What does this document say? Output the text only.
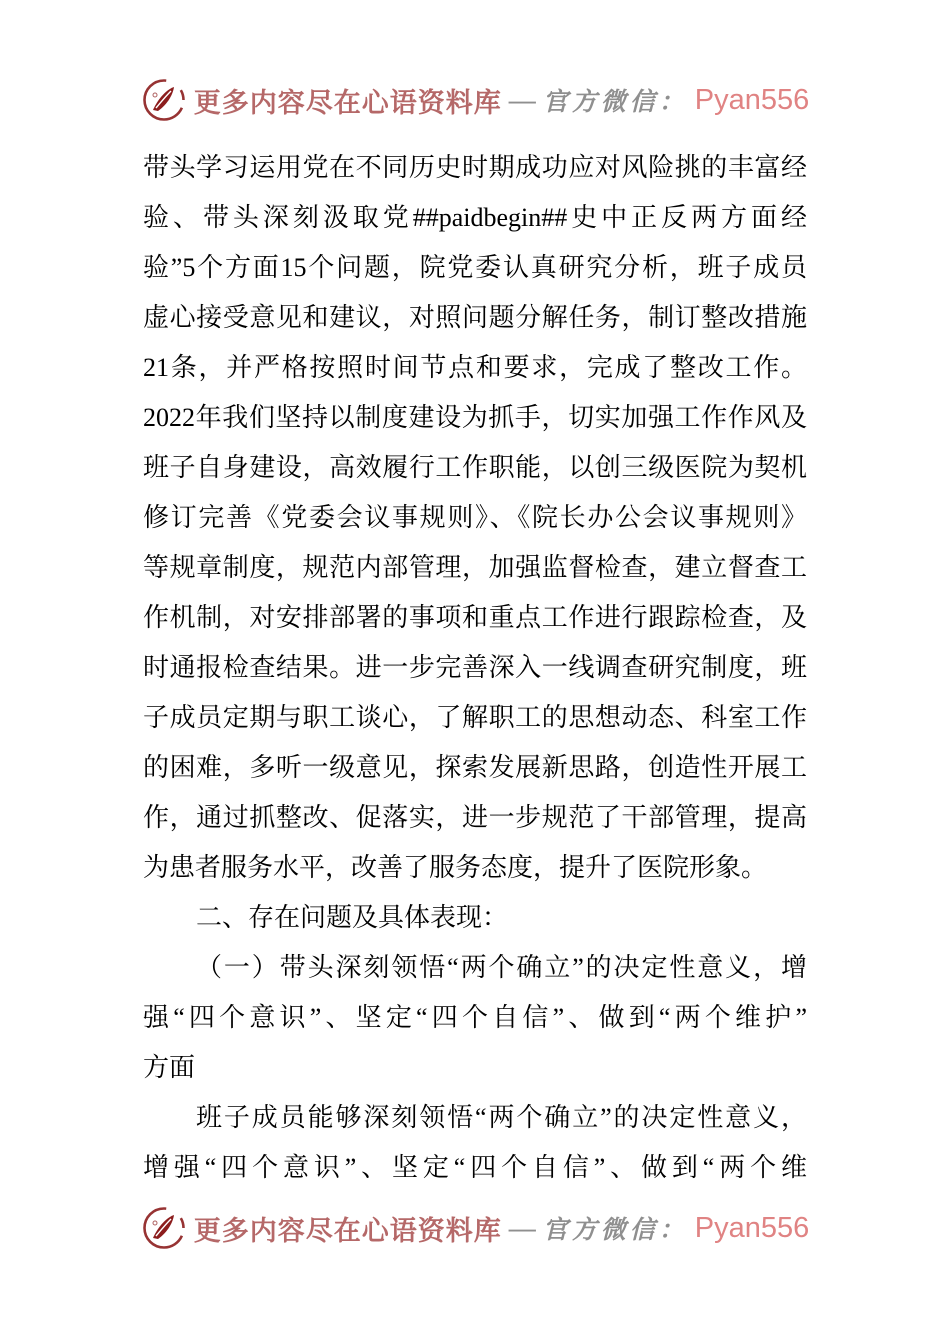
更多内容尽在心语资料库 — 官方微信： Pyan556
带头学习运用党在不同历史时期成功应对风险挑的丰富经
验、带头深刻汲取党##paidbegin##史中正反两方面经
验”5个方面15个问题，院党委认真研究分析，班子成员
虚心接受意见和建议，对照问题分解任务，制订整改措施
21条，并严格按照时间节点和要求，完成了整改工作。
2022年我们坚持以制度建设为抓手，切实加强工作作风及
班子自身建设，高效履行工作职能，以创三级医院为契机
修订完善《党委会议事规则》、《院长办公会议事规则》
等规章制度，规范内部管理，加强监督检查，建立督查工
作机制，对安排部署的事项和重点工作进行跟踪检查，及
时通报检查结果。进一步完善深入一线调查研究制度，班
子成员定期与职工谈心，了解职工的思想动态、科室工作
的困难，多听一级意见，探索发展新思路，创造性开展工
作，通过抓整改、促落实，进一步规范了干部管理，提高
为患者服务水平，改善了服务态度，提升了医院形象。
二、存在问题及具体表现：
（一）带头深刻领悟“两个确立”的决定性意义，增
强“四个意识”、坚定“四个自信”、做到“两个维护”
方面
班子成员能够深刻领悟“两个确立”的决定性意义，
增强“四个意识”、坚定“四个自信”、做到“两个维
更多内容尽在心语资料库 — 官方微信： Pyan556
